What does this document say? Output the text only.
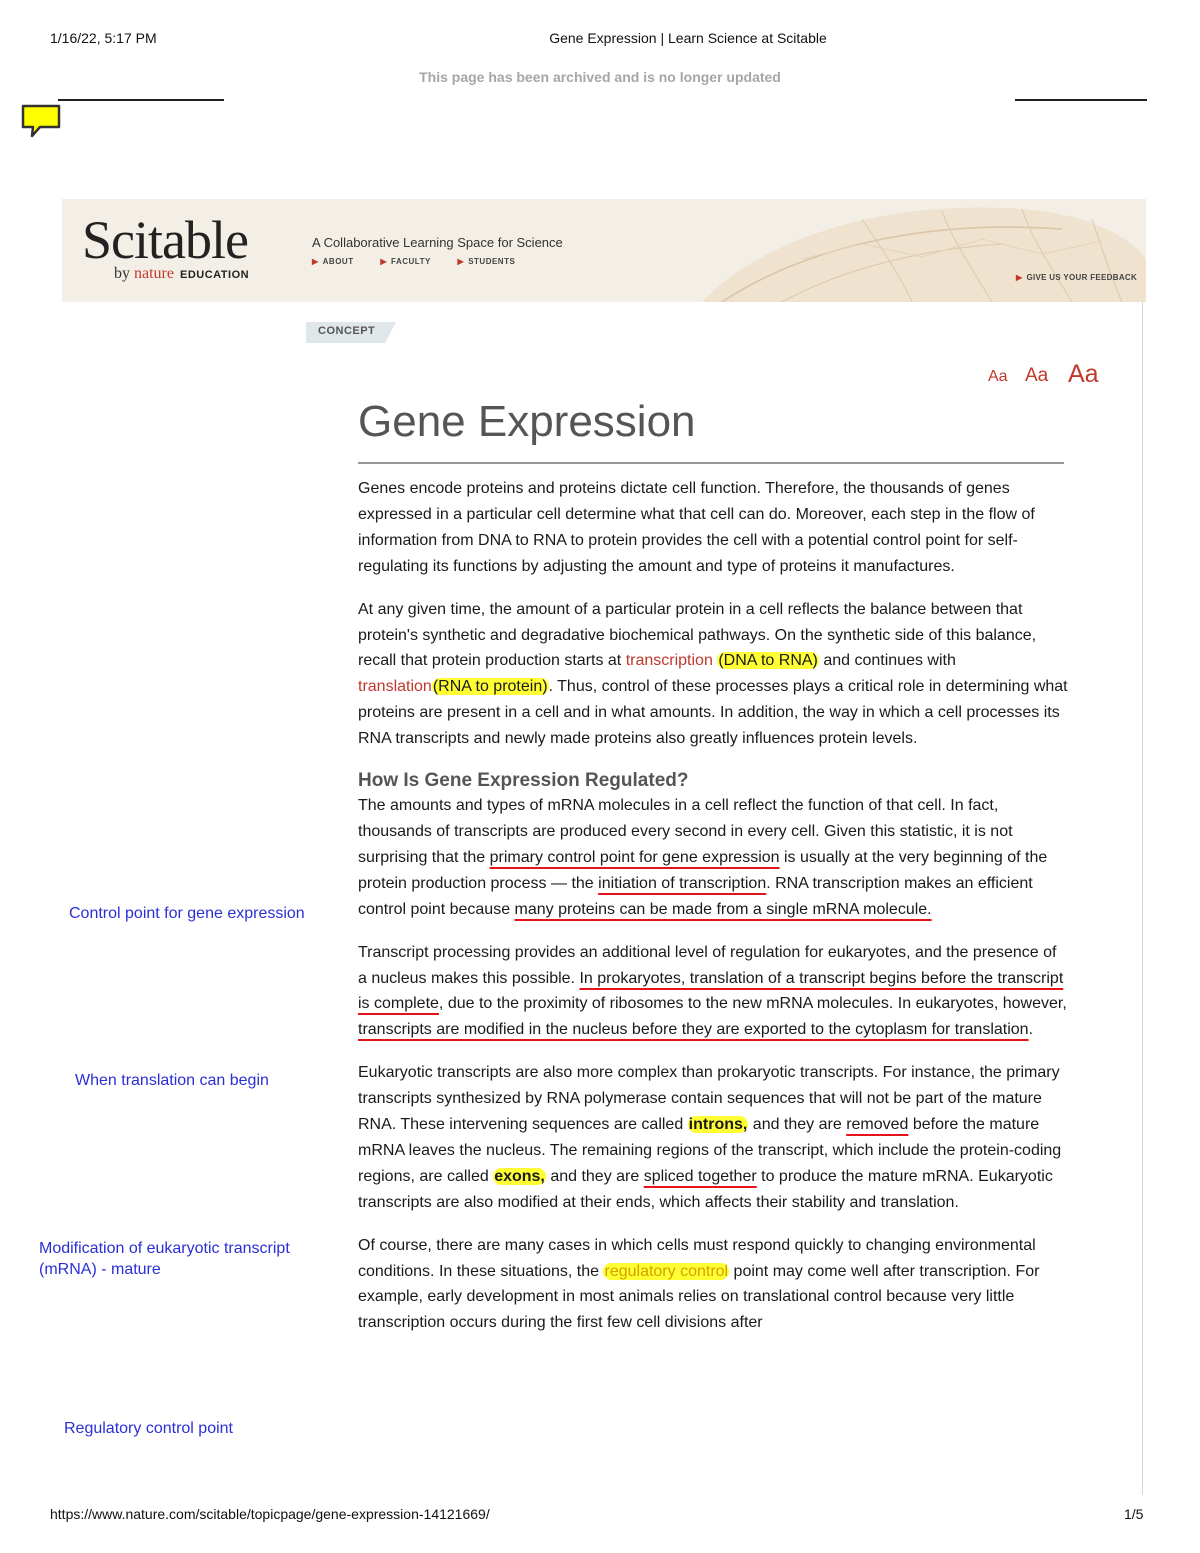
1/16/22, 5:17 PM	Gene Expression | Learn Science at Scitable
This page has been archived and is no longer updated
Scitable
by nature EDUCATION
A Collaborative Learning Space for Science
▶ ABOUT	▶ FACULTY	▶ STUDENTS
▶ GIVE US YOUR FEEDBACK
CONCEPT
Aa Aa Aa
Gene Expression

Genes encode proteins and proteins dictate cell function. Therefore, the thousands of genes expressed in a particular cell determine what that cell can do. Moreover, each step in the flow of information from DNA to RNA to protein provides the cell with a potential control point for self-regulating its functions by adjusting the amount and type of proteins it manufactures.

At any given time, the amount of a particular protein in a cell reflects the balance between that protein's synthetic and degradative biochemical pathways. On the synthetic side of this balance, recall that protein production starts at transcription (DNA to RNA) and continues with translation(RNA to protein). Thus, control of these processes plays a critical role in determining what proteins are present in a cell and in what amounts. In addition, the way in which a cell processes its RNA transcripts and newly made proteins also greatly influences protein levels.

How Is Gene Expression Regulated?

The amounts and types of mRNA molecules in a cell reflect the function of that cell. In fact, thousands of transcripts are produced every second in every cell. Given this statistic, it is not surprising that the primary control point for gene expression is usually at the very beginning of the protein production process — the initiation of transcription. RNA transcription makes an efficient control point because many proteins can be made from a single mRNA molecule.

Transcript processing provides an additional level of regulation for eukaryotes, and the presence of a nucleus makes this possible. In prokaryotes, translation of a transcript begins before the transcript is complete, due to the proximity of ribosomes to the new mRNA molecules. In eukaryotes, however, transcripts are modified in the nucleus before they are exported to the cytoplasm for translation.

Eukaryotic transcripts are also more complex than prokaryotic transcripts. For instance, the primary transcripts synthesized by RNA polymerase contain sequences that will not be part of the mature RNA. These intervening sequences are called introns, and they are removed before the mature mRNA leaves the nucleus. The remaining regions of the transcript, which include the protein-coding regions, are called exons, and they are spliced together to produce the mature mRNA. Eukaryotic transcripts are also modified at their ends, which affects their stability and translation.

Of course, there are many cases in which cells must respond quickly to changing environmental conditions. In these situations, the regulatory control point may come well after transcription. For example, early development in most animals relies on translational control because very little transcription occurs during the first few cell divisions after

Control point for gene expression
When translation can begin
Modification of eukaryotic transcript (mRNA) - mature
Regulatory control point
https://www.nature.com/scitable/topicpage/gene-expression-14121669/	1/5
